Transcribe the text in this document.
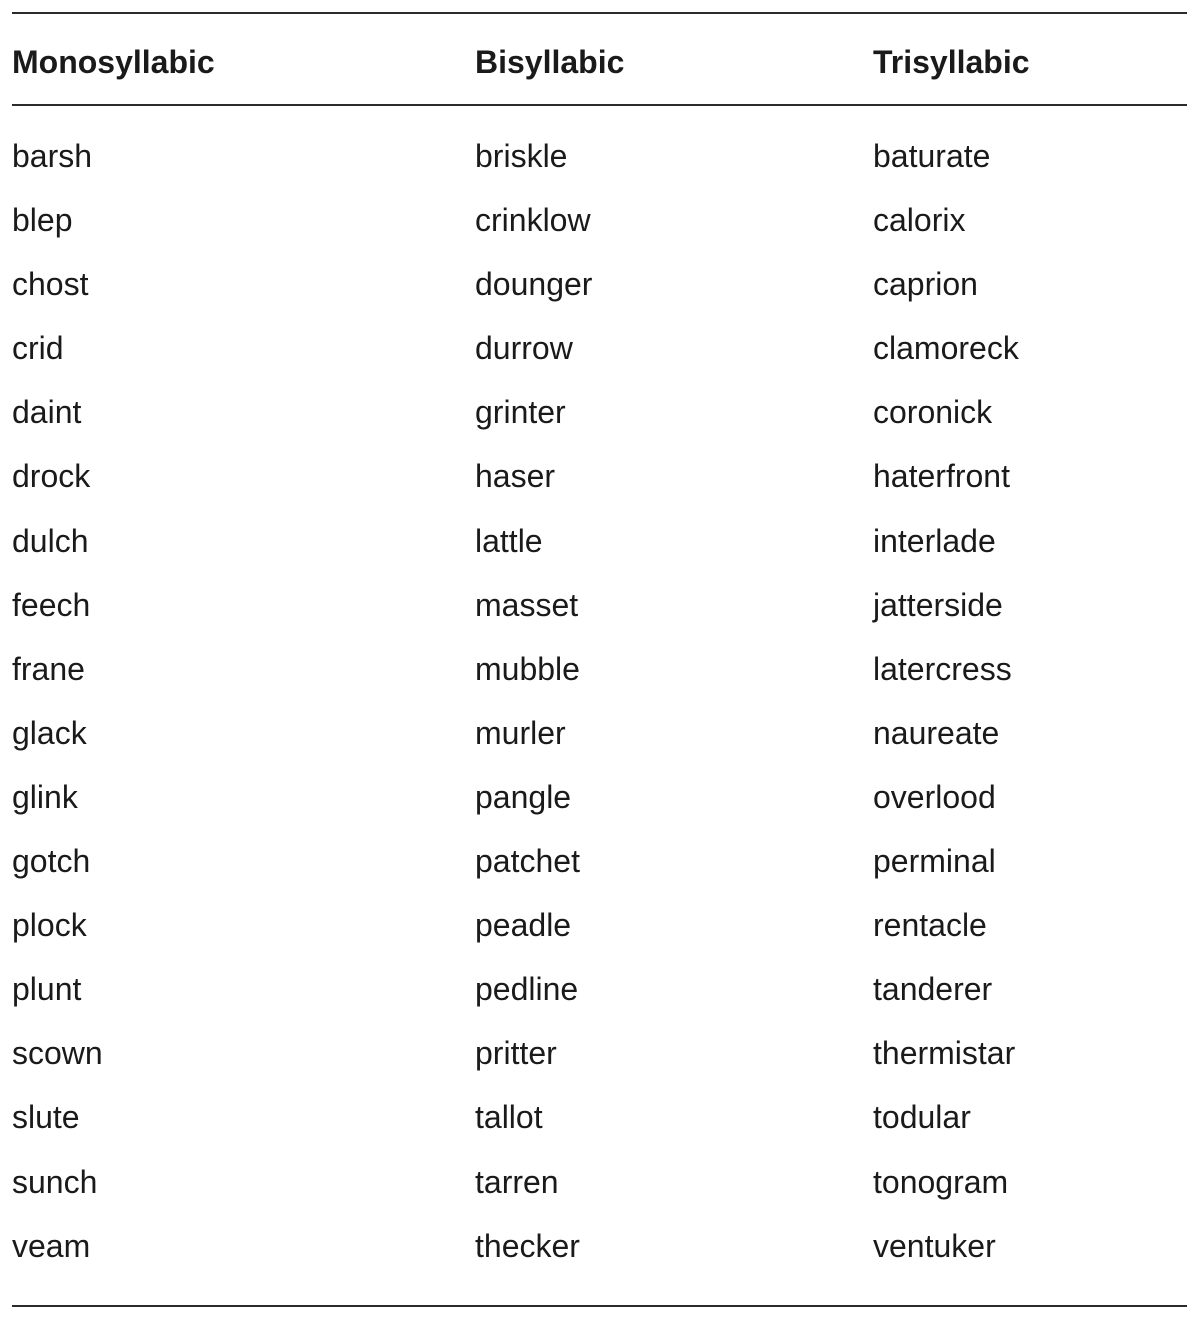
Monosyllabic	Bisyllabic	Trisyllabic
barsh	briskle	baturate
blep	crinklow	calorix
chost	dounger	caprion
crid	durrow	clamoreck
daint	grinter	coronick
drock	haser	haterfront
dulch	lattle	interlade
feech	masset	jatterside
frane	mubble	latercress
glack	murler	naureate
glink	pangle	overlood
gotch	patchet	perminal
plock	peadle	rentacle
plunt	pedline	tanderer
scown	pritter	thermistar
slute	tallot	todular
sunch	tarren	tonogram
veam	thecker	ventuker
